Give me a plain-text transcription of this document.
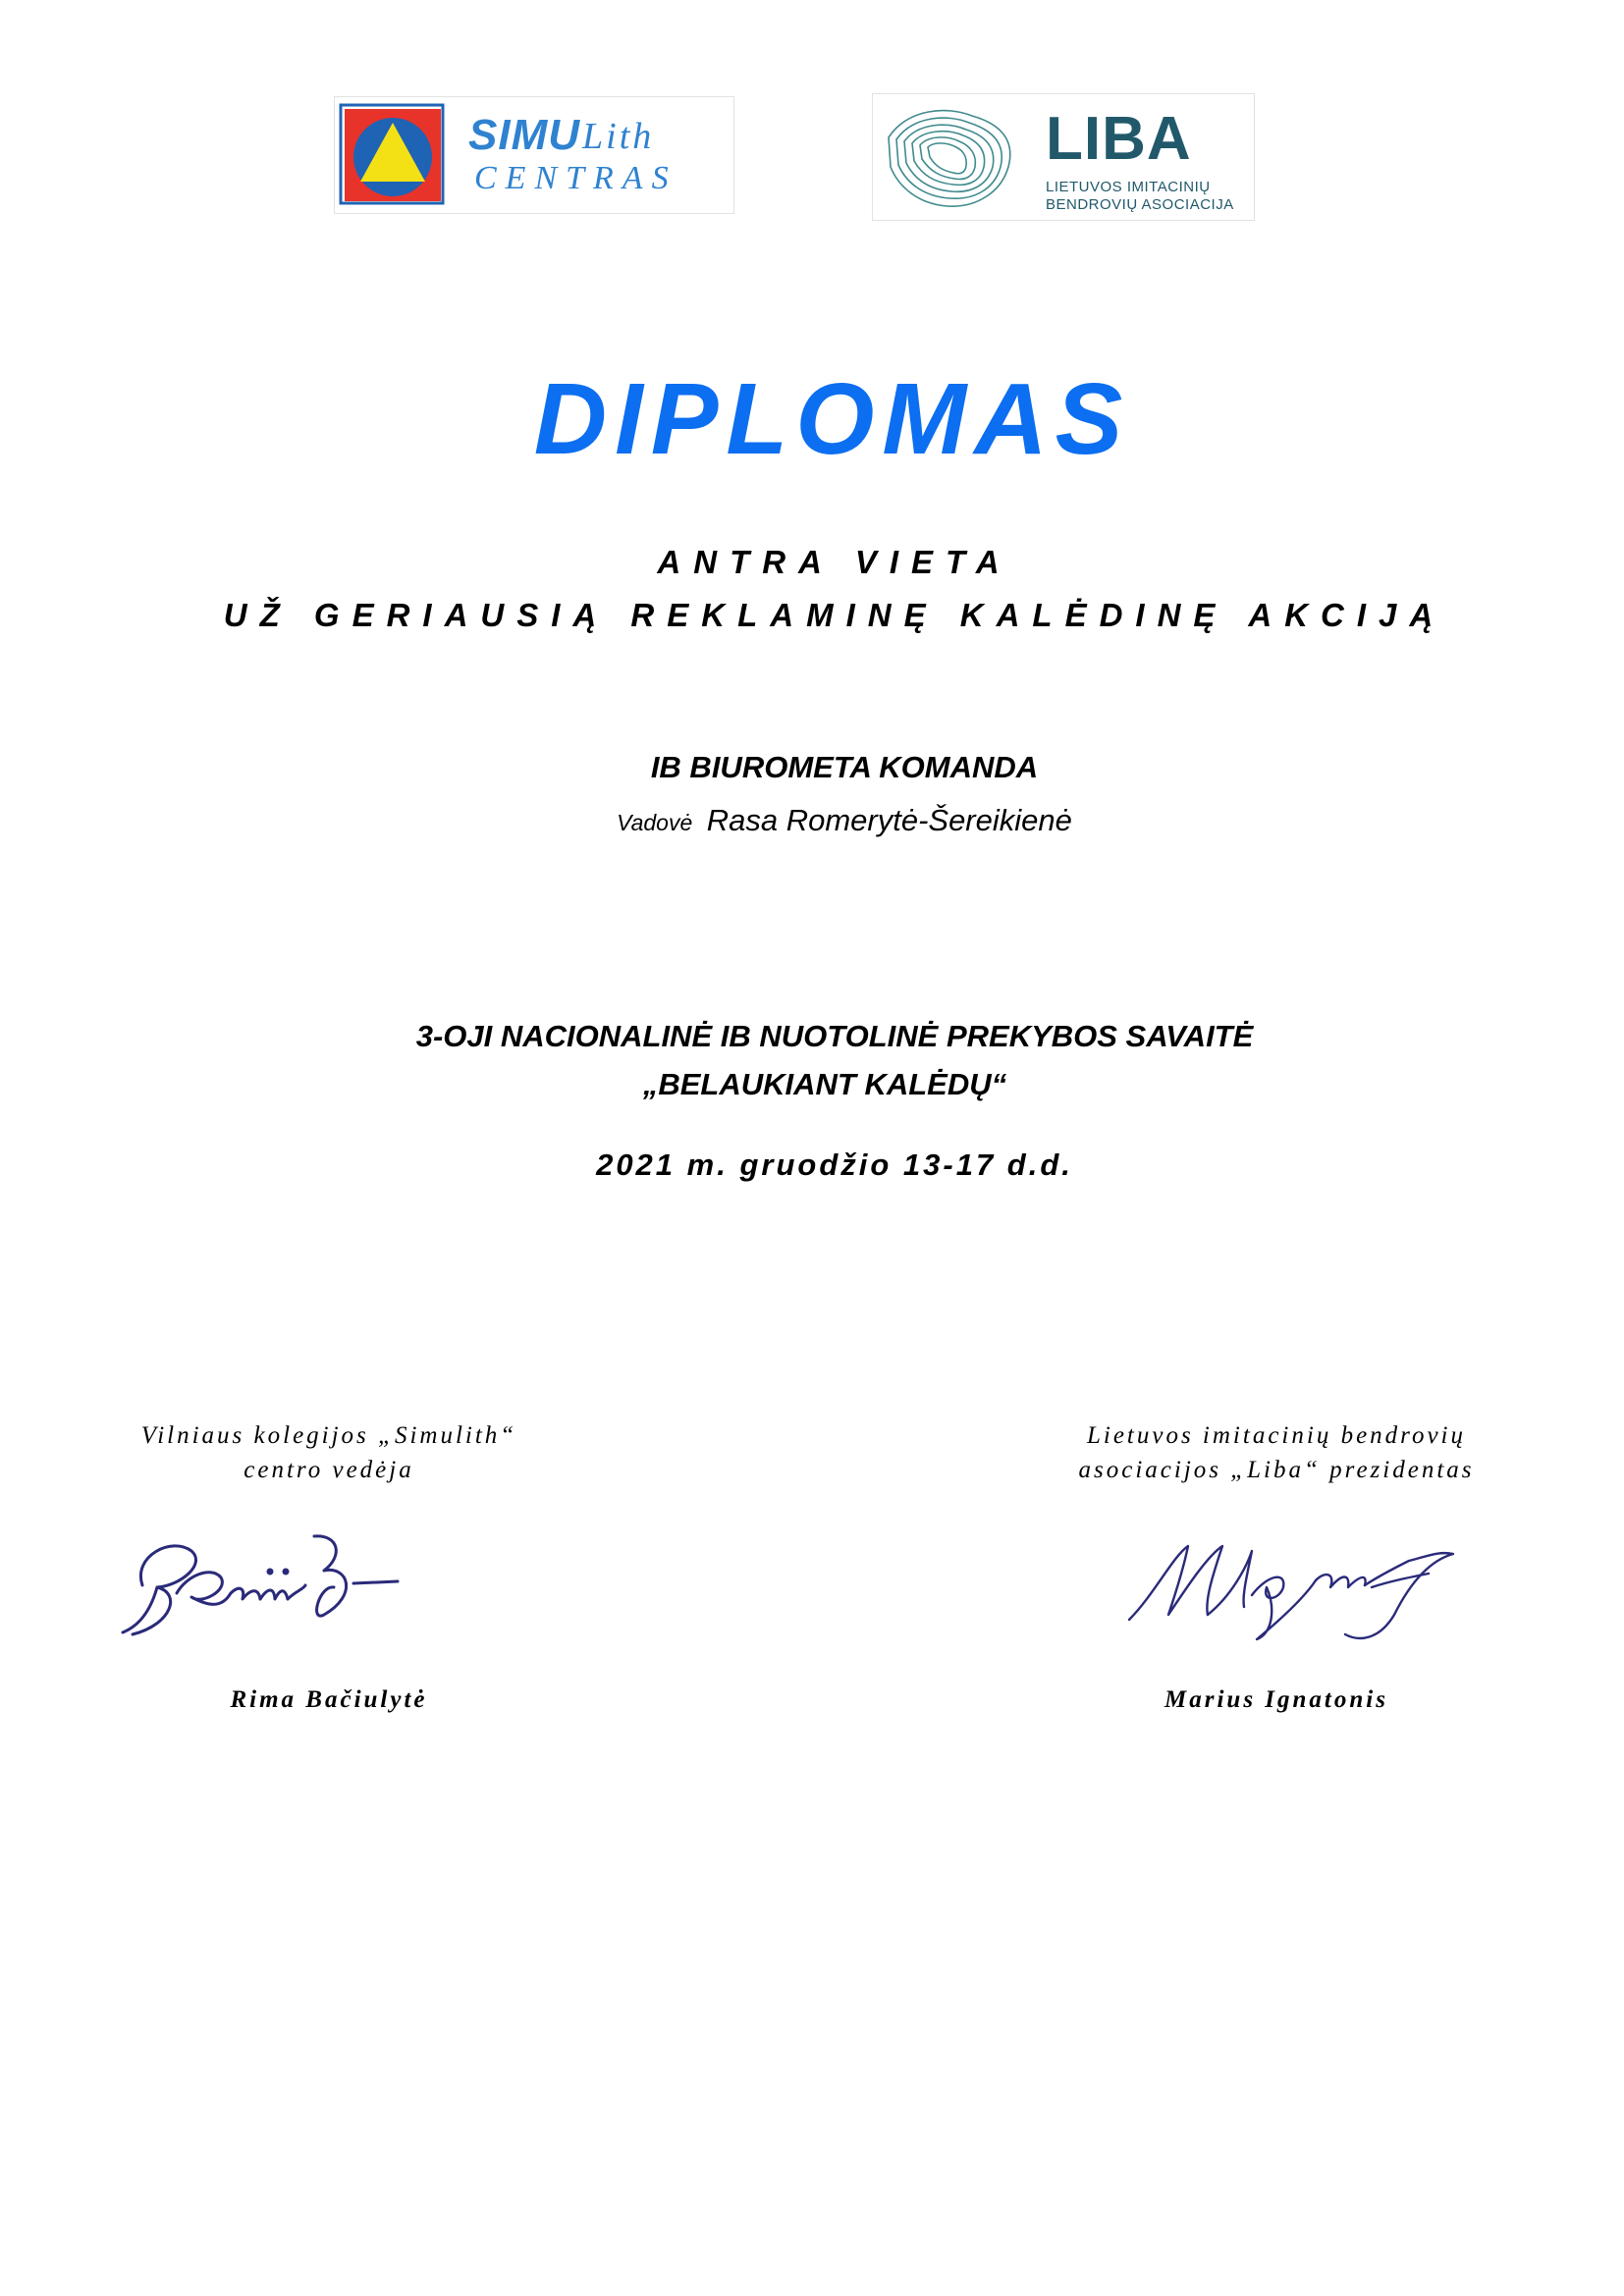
SIMU Lith
CENTRAS
LIBA
LIETUVOS IMITACINIŲ
BENDROVIŲ ASOCIACIJA
DIPLOMAS
ANTRA VIETA
UŽ GERIAUSIĄ REKLAMINĘ KALĖDINĘ AKCIJĄ
IB BIUROMETA KOMANDA
Vadovė Rasa Romerytė-Šereikienė
3-OJI NACIONALINĖ IB NUOTOLINĖ PREKYBOS SAVAITĖ
„BELAUKIANT KALĖDŲ“
2021 m. gruodžio 13-17 d.d.
Vilniaus kolegijos „Simulith“
centro vedėja
Lietuvos imitacinių bendrovių
asociacijos „Liba“ prezidentas
Rima Bačiulytė	Marius Ignatonis
